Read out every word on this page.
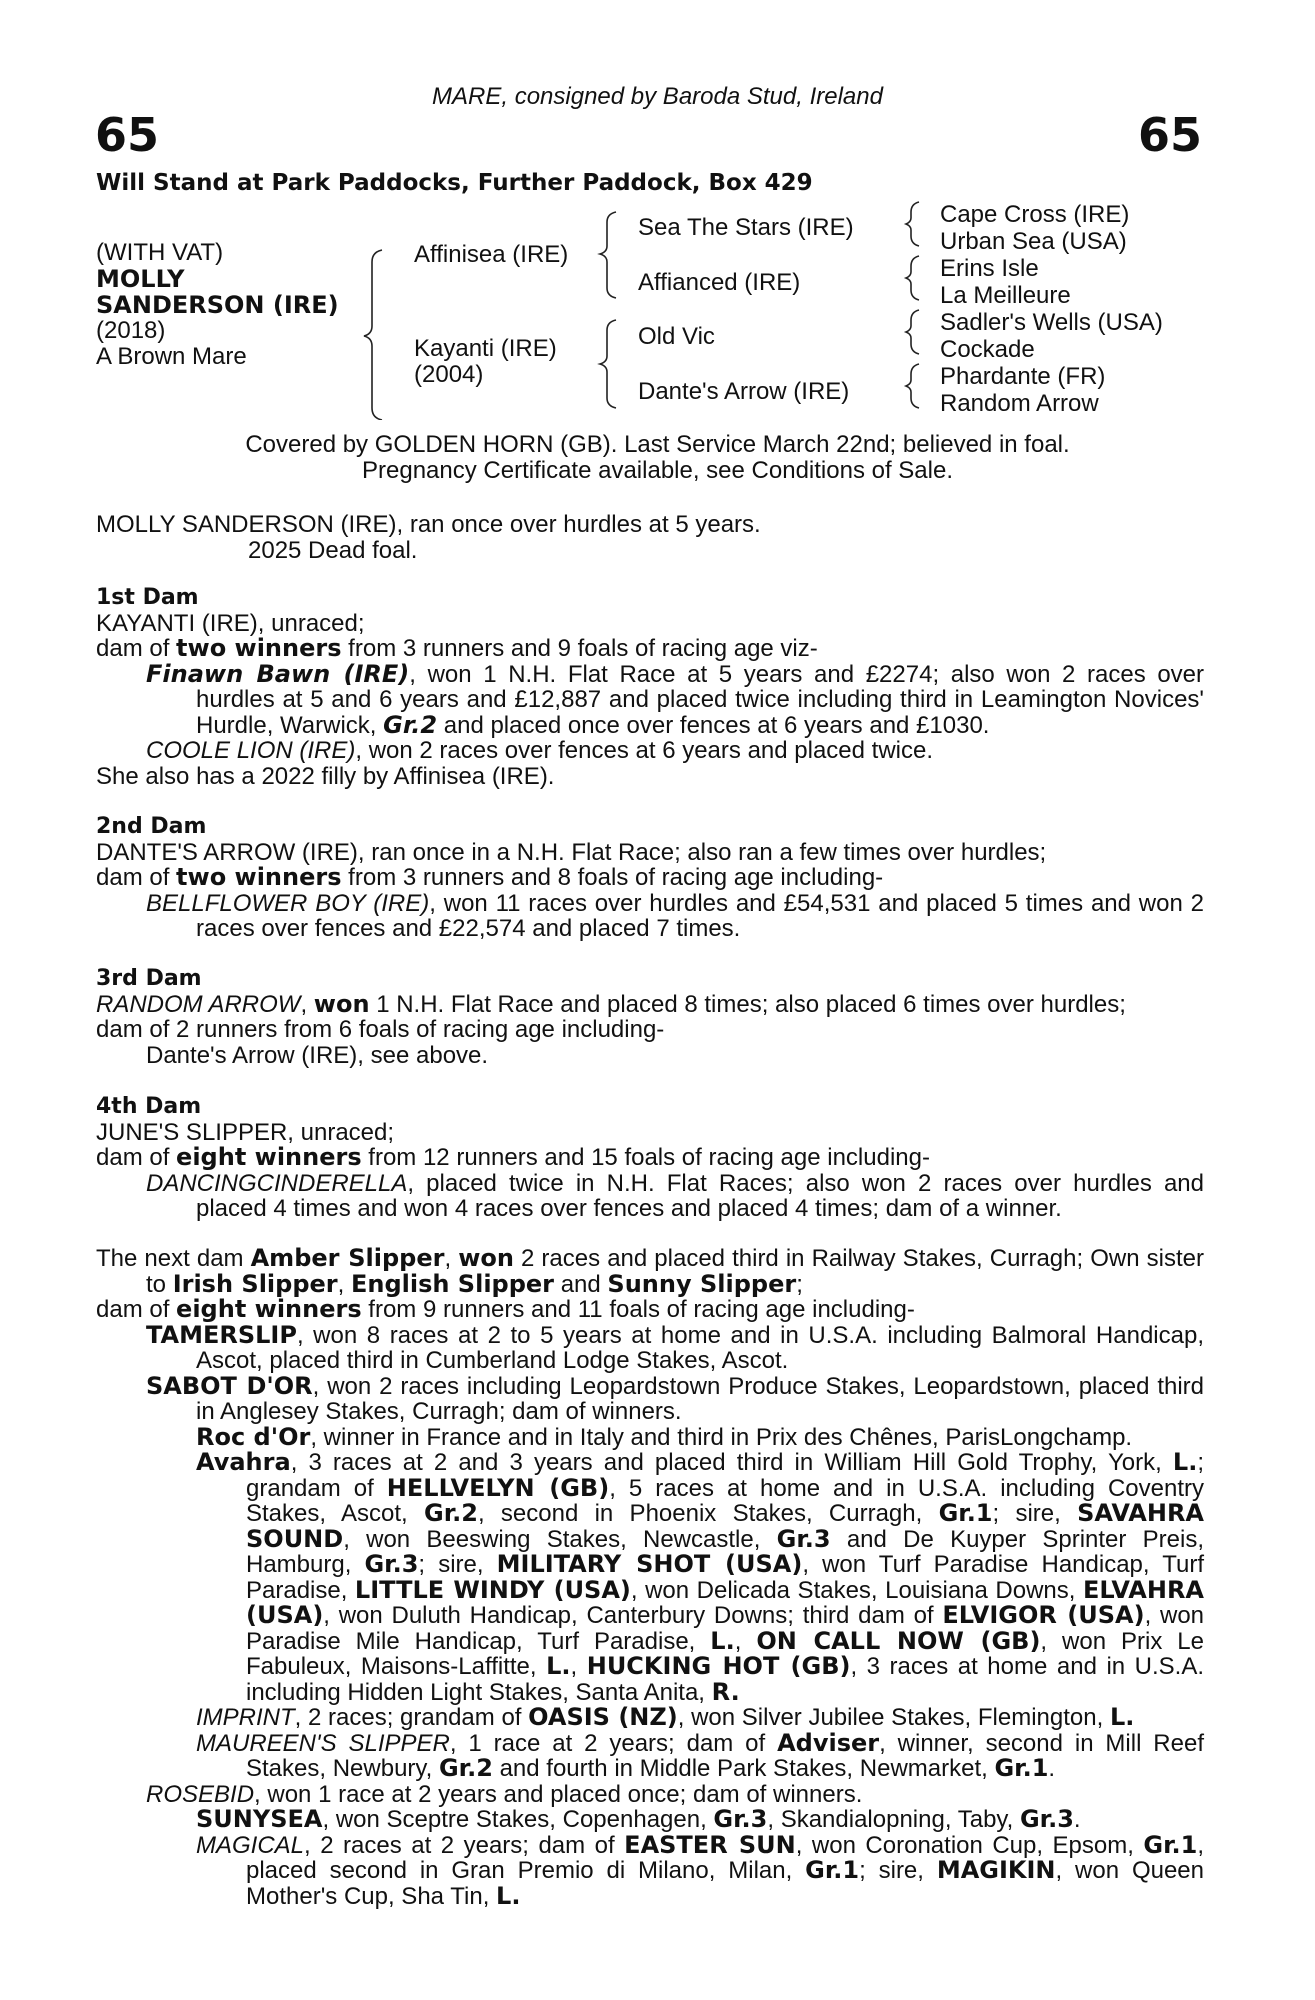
MARE, consigned by Baroda Stud, Ireland
65	65
Will Stand at Park Paddocks, Further Paddock, Box 429
(WITH VAT)
MOLLY
SANDERSON (IRE)
(2018)
A Brown Mare
Affinisea (IRE)
Kayanti (IRE)
(2004)
Sea The Stars (IRE)
Affianced (IRE)
Old Vic
Dante's Arrow (IRE)
Cape Cross (IRE)
Urban Sea (USA)
Erins Isle
La Meilleure
Sadler's Wells (USA)
Cockade
Phardante (FR)
Random Arrow
Covered by GOLDEN HORN (GB). Last Service March 22nd; believed in foal.
Pregnancy Certificate available, see Conditions of Sale.
MOLLY SANDERSON (IRE), ran once over hurdles at 5 years.
2025 Dead foal.
1st Dam
KAYANTI (IRE), unraced;
dam of two winners from 3 runners and 9 foals of racing age viz-

Finawn Bawn (IRE), won 1 N.H. Flat Race at 5 years and £2274; also won 2 races over hurdles at 5 and 6 years and £12,887 and placed twice including third in Leamington Novices' Hurdle, Warwick, Gr.2 and placed once over fences at 6 years and £1030.

COOLE LION (IRE), won 2 races over fences at 6 years and placed twice.

She also has a 2022 filly by Affinisea (IRE).
2nd Dam
DANTE'S ARROW (IRE), ran once in a N.H. Flat Race; also ran a few times over hurdles;
dam of two winners from 3 runners and 8 foals of racing age including-

BELLFLOWER BOY (IRE), won 11 races over hurdles and £54,531 and placed 5 times and won 2 races over fences and £22,574 and placed 7 times.

3rd Dam
RANDOM ARROW, won 1 N.H. Flat Race and placed 8 times; also placed 6 times over hurdles;
dam of 2 runners from 6 foals of racing age including-
Dante's Arrow (IRE), see above.
4th Dam
JUNE'S SLIPPER, unraced;
dam of eight winners from 12 runners and 15 foals of racing age including-

DANCINGCINDERELLA, placed twice in N.H. Flat Races; also won 2 races over hurdles and placed 4 times and won 4 races over fences and placed 4 times; dam of a winner.

The next dam Amber Slipper, won 2 races and placed third in Railway Stakes, Curragh; Own sister to Irish Slipper, English Slipper and Sunny Slipper;

dam of eight winners from 9 runners and 11 foals of racing age including-

TAMERSLIP, won 8 races at 2 to 5 years at home and in U.S.A. including Balmoral Handicap, Ascot, placed third in Cumberland Lodge Stakes, Ascot.

SABOT D'OR, won 2 races including Leopardstown Produce Stakes, Leopardstown, placed third in Anglesey Stakes, Curragh; dam of winners.

Roc d'Or, winner in France and in Italy and third in Prix des Chênes, ParisLongchamp.

Avahra, 3 races at 2 and 3 years and placed third in William Hill Gold Trophy, York, L.; grandam of HELLVELYN (GB), 5 races at home and in U.S.A. including Coventry Stakes, Ascot, Gr.2, second in Phoenix Stakes, Curragh, Gr.1; sire, SAVAHRA SOUND, won Beeswing Stakes, Newcastle, Gr.3 and De Kuyper Sprinter Preis, Hamburg, Gr.3; sire, MILITARY SHOT (USA), won Turf Paradise Handicap, Turf Paradise, LITTLE WINDY (USA), won Delicada Stakes, Louisiana Downs, ELVAHRA (USA), won Duluth Handicap, Canterbury Downs; third dam of ELVIGOR (USA), won Paradise Mile Handicap, Turf Paradise, L., ON CALL NOW (GB), won Prix Le Fabuleux, Maisons-Laffitte, L., HUCKING HOT (GB), 3 races at home and in U.S.A. including Hidden Light Stakes, Santa Anita, R.

IMPRINT, 2 races; grandam of OASIS (NZ), won Silver Jubilee Stakes, Flemington, L.

MAUREEN'S SLIPPER, 1 race at 2 years; dam of Adviser, winner, second in Mill Reef Stakes, Newbury, Gr.2 and fourth in Middle Park Stakes, Newmarket, Gr.1.

ROSEBID, won 1 race at 2 years and placed once; dam of winners.

SUNYSEA, won Sceptre Stakes, Copenhagen, Gr.3, Skandialopning, Taby, Gr.3.

MAGICAL, 2 races at 2 years; dam of EASTER SUN, won Coronation Cup, Epsom, Gr.1, placed second in Gran Premio di Milano, Milan, Gr.1; sire, MAGIKIN, won Queen Mother's Cup, Sha Tin, L.
